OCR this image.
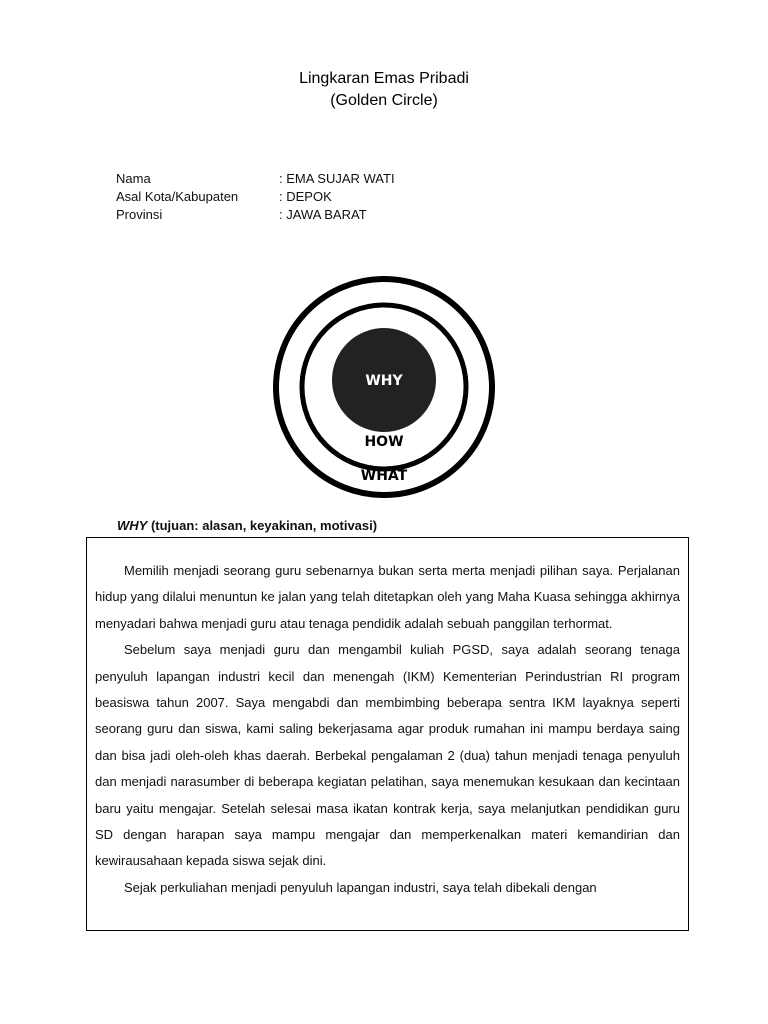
Lingkaran Emas Pribadi
(Golden Circle)
Nama	: EMA SUJAR WATI
Asal Kota/Kabupaten	: DEPOK
Provinsi	: JAWA BARAT
WHY
HOW
WHAT
WHY (tujuan: alasan, keyakinan, motivasi)

Memilih menjadi seorang guru sebenarnya bukan serta merta menjadi pilihan saya. Perjalanan hidup yang dilalui menuntun ke jalan yang telah ditetapkan oleh yang Maha Kuasa sehingga akhirnya menyadari bahwa menjadi guru atau tenaga pendidik adalah sebuah panggilan terhormat.

Sebelum saya menjadi guru dan mengambil kuliah PGSD, saya adalah seorang tenaga penyuluh lapangan industri kecil dan menengah (IKM) Kementerian Perindustrian RI program beasiswa tahun 2007. Saya mengabdi dan membimbing beberapa sentra IKM layaknya seperti seorang guru dan siswa, kami saling bekerjasama agar produk rumahan ini mampu berdaya saing dan bisa jadi oleh-oleh khas daerah. Berbekal pengalaman 2 (dua) tahun menjadi tenaga penyuluh dan menjadi narasumber di beberapa kegiatan pelatihan, saya menemukan kesukaan dan kecintaan baru yaitu mengajar. Setelah selesai masa ikatan kontrak kerja, saya melanjutkan pendidikan guru SD dengan harapan saya mampu mengajar dan memperkenalkan materi kemandirian dan kewirausahaan kepada siswa sejak dini.

Sejak perkuliahan menjadi penyuluh lapangan industri, saya telah dibekali dengan
